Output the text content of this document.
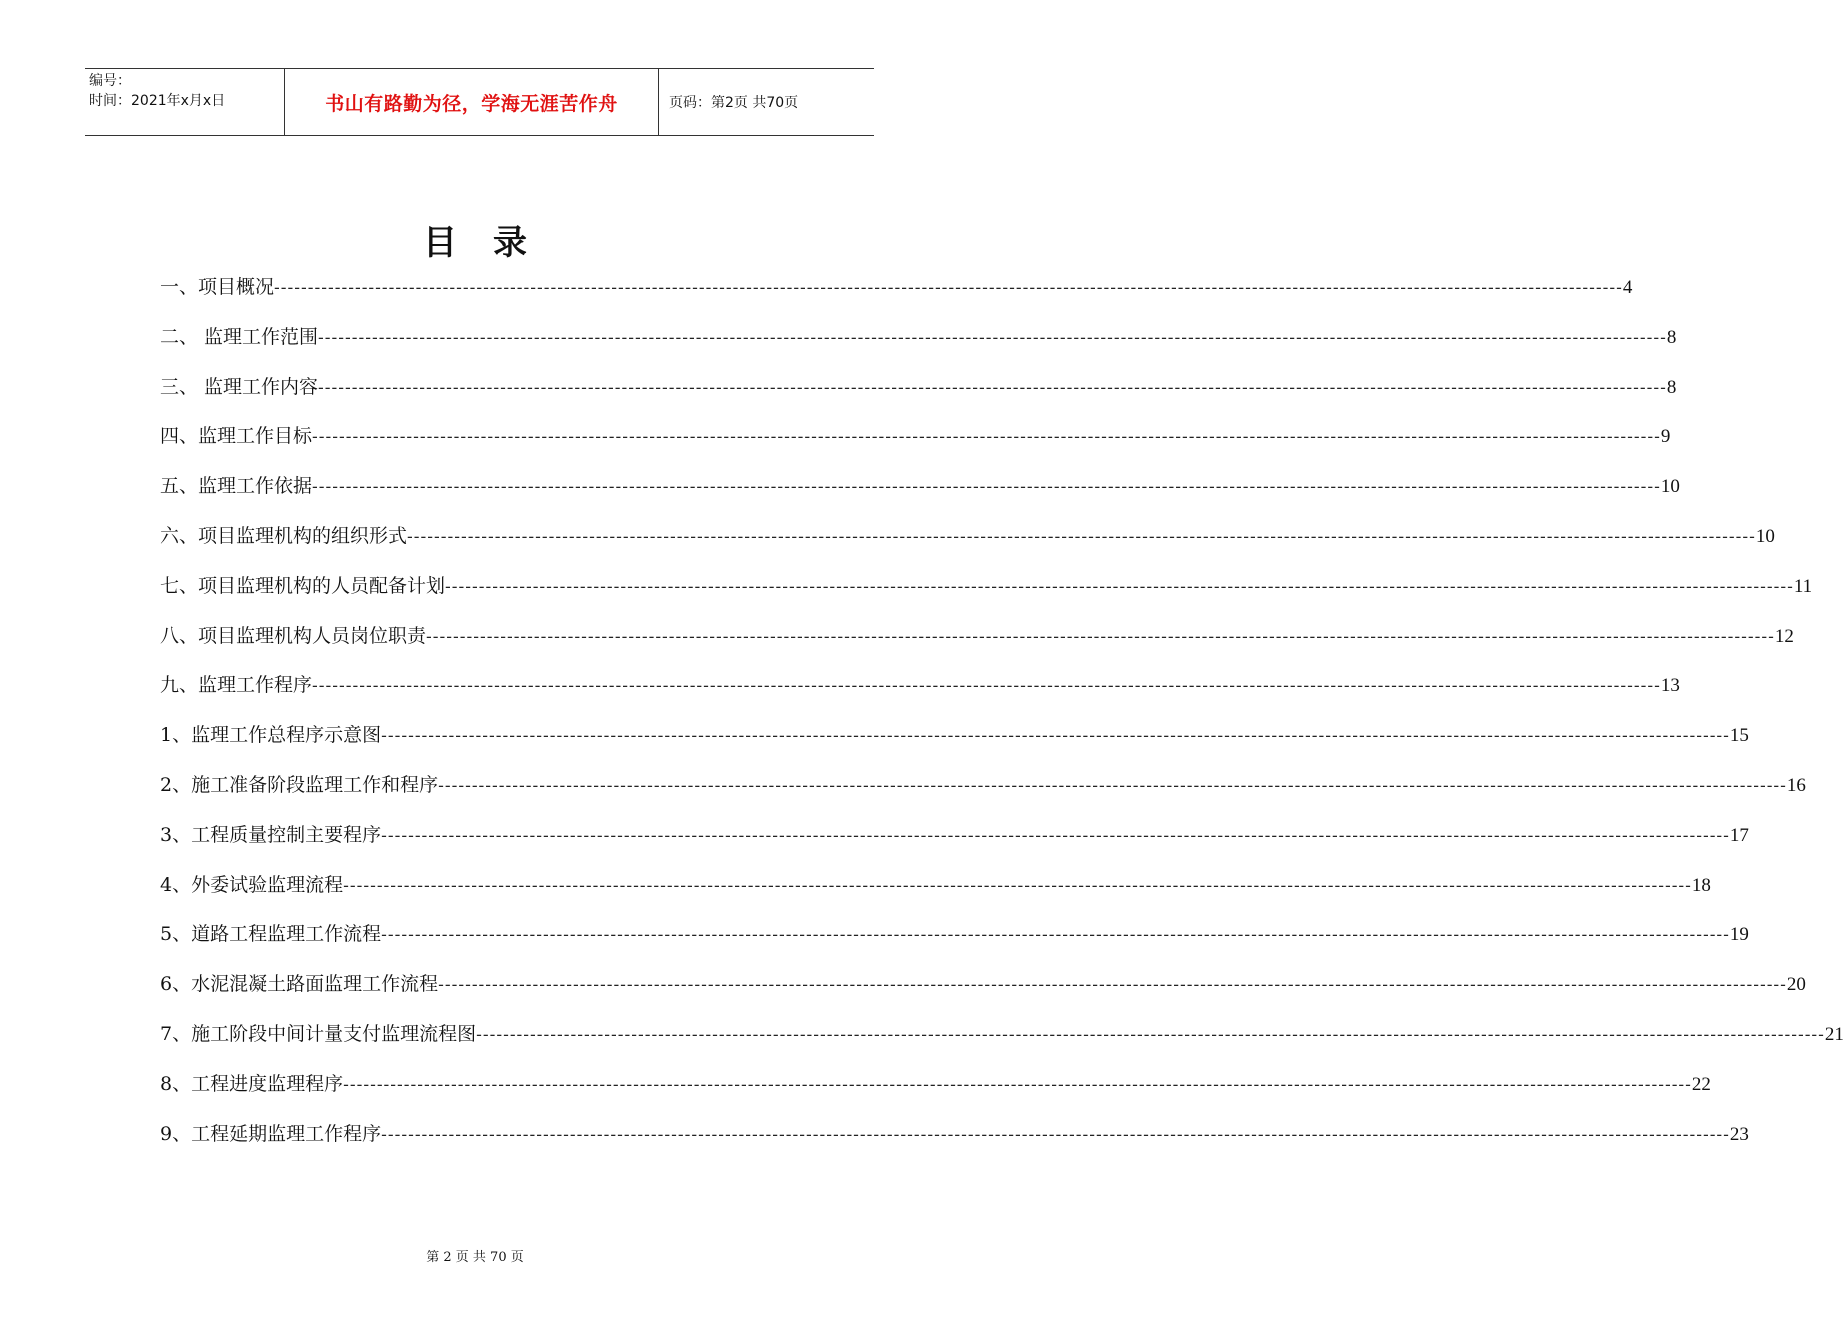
编号：
时间：2021年x月x日	书山有路勤为径，学海无涯苦作舟	页码：第2页 共70页
目录
一、项目概况 -------------------------------------------------------------------------------------------------------------------------------------------------------------------------------------------------------- 4
二、 监理工作范围 -------------------------------------------------------------------------------------------------------------------------------------------------------------------------------------------------------- 8
三、 监理工作内容 -------------------------------------------------------------------------------------------------------------------------------------------------------------------------------------------------------- 8
四、监理工作目标 -------------------------------------------------------------------------------------------------------------------------------------------------------------------------------------------------------- 9
五、监理工作依据 -------------------------------------------------------------------------------------------------------------------------------------------------------------------------------------------------------- 10
六、项目监理机构的组织形式 -------------------------------------------------------------------------------------------------------------------------------------------------------------------------------------------------------- 10
七、项目监理机构的人员配备计划 -------------------------------------------------------------------------------------------------------------------------------------------------------------------------------------------------------- 11
八、项目监理机构人员岗位职责 -------------------------------------------------------------------------------------------------------------------------------------------------------------------------------------------------------- 12
九、监理工作程序 -------------------------------------------------------------------------------------------------------------------------------------------------------------------------------------------------------- 13
1、监理工作总程序示意图 -------------------------------------------------------------------------------------------------------------------------------------------------------------------------------------------------------- 15
2、施工准备阶段监理工作和程序 -------------------------------------------------------------------------------------------------------------------------------------------------------------------------------------------------------- 16
3、工程质量控制主要程序 -------------------------------------------------------------------------------------------------------------------------------------------------------------------------------------------------------- 17
4、外委试验监理流程 -------------------------------------------------------------------------------------------------------------------------------------------------------------------------------------------------------- 18
5、道路工程监理工作流程 -------------------------------------------------------------------------------------------------------------------------------------------------------------------------------------------------------- 19
6、水泥混凝土路面监理工作流程 -------------------------------------------------------------------------------------------------------------------------------------------------------------------------------------------------------- 20
7、施工阶段中间计量支付监理流程图 -------------------------------------------------------------------------------------------------------------------------------------------------------------------------------------------------------- 21
8、工程进度监理程序 -------------------------------------------------------------------------------------------------------------------------------------------------------------------------------------------------------- 22
9、工程延期监理工作程序 -------------------------------------------------------------------------------------------------------------------------------------------------------------------------------------------------------- 23
第 2 页 共 70 页
